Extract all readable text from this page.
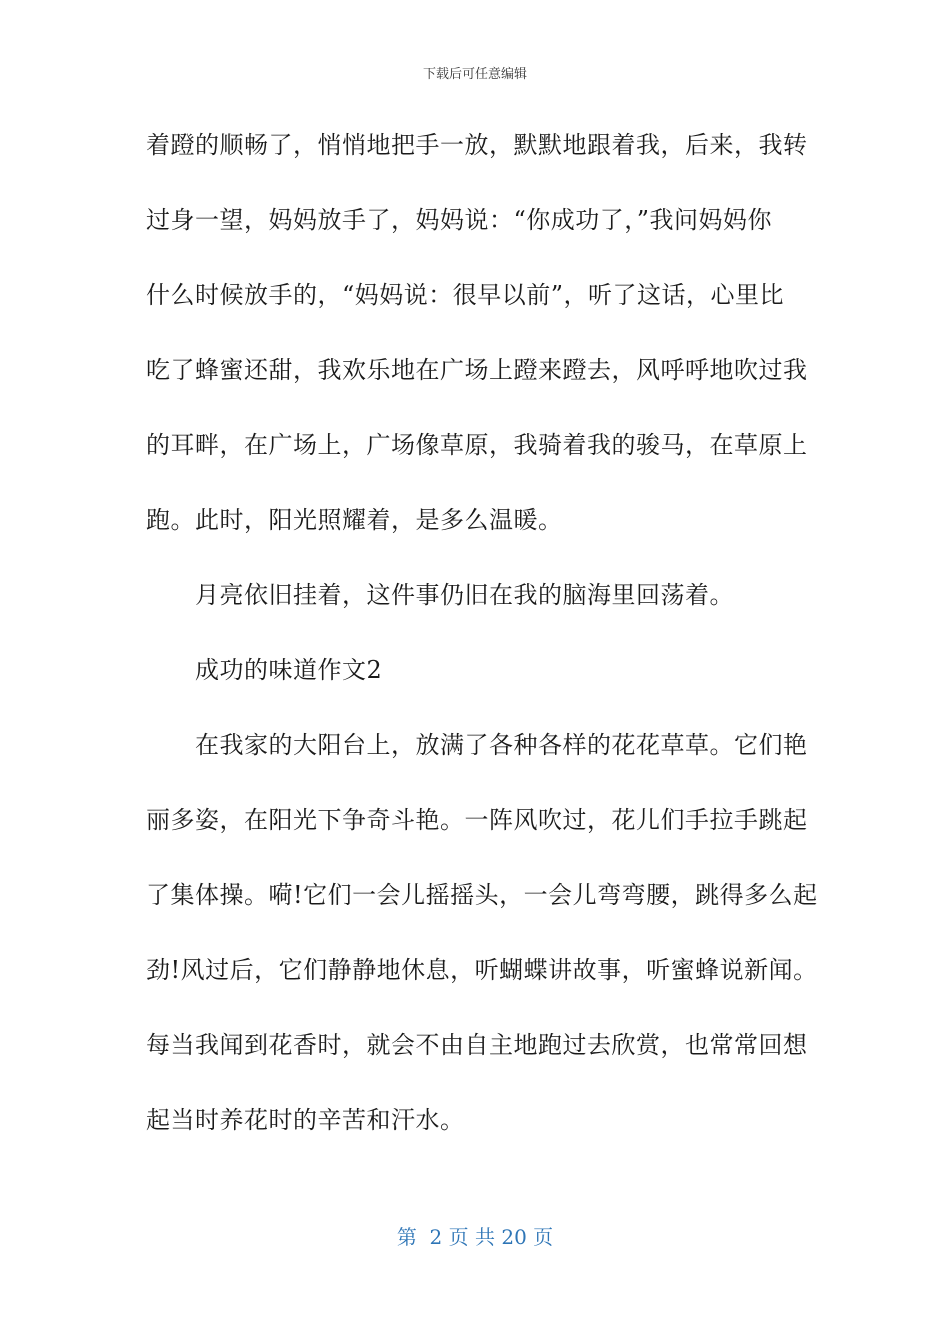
下载后可任意编辑
着蹬的顺畅了，悄悄地把手一放，默默地跟着我，后来，我转
过身一望，妈妈放手了，妈妈说：“你成功了，”我问妈妈你
什么时候放手的，“妈妈说：很早以前”，听了这话，心里比
吃了蜂蜜还甜，我欢乐地在广场上蹬来蹬去，风呼呼地吹过我
的耳畔，在广场上，广场像草原，我骑着我的骏马，在草原上
跑。此时，阳光照耀着，是多么温暖。
月亮依旧挂着，这件事仍旧在我的脑海里回荡着。
成功的味道作文2
在我家的大阳台上，放满了各种各样的花花草草。它们艳
丽多姿，在阳光下争奇斗艳。一阵风吹过，花儿们手拉手跳起
了集体操。嗬!它们一会儿摇摇头，一会儿弯弯腰，跳得多么起
劲!风过后，它们静静地休息，听蝴蝶讲故事，听蜜蜂说新闻。
每当我闻到花香时，就会不由自主地跑过去欣赏，也常常回想
起当时养花时的辛苦和汗水。
第  2 页 共 20 页
